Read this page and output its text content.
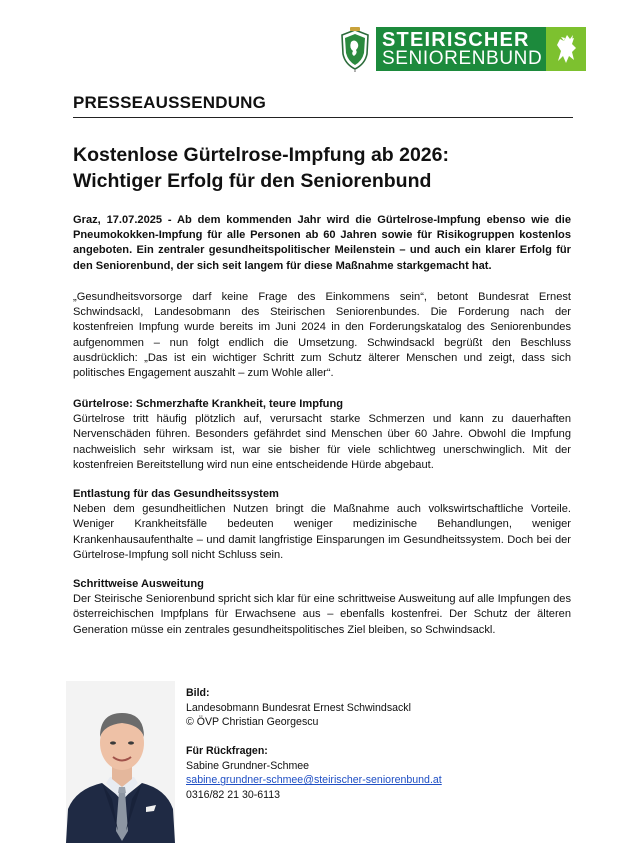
STEIRISCHER
SENIORENBUND
PRESSEAUSSENDUNG
Kostenlose Gürtelrose-Impfung ab 2026:
Wichtiger Erfolg für den Seniorenbund
Graz, 17.07.2025 - Ab dem kommenden Jahr wird die Gürtelrose-Impfung ebenso wie die Pneumokokken-Impfung für alle Personen ab 60 Jahren sowie für Risikogruppen kostenlos angeboten. Ein zentraler gesundheitspolitischer Meilenstein – und auch ein klarer Erfolg für den Seniorenbund, der sich seit langem für diese Maßnahme starkgemacht hat.
„Gesundheitsvorsorge darf keine Frage des Einkommens sein“, betont Bundesrat Ernest Schwindsackl, Landesobmann des Steirischen Seniorenbundes. Die Forderung nach der kostenfreien Impfung wurde bereits im Juni 2024 in den Forderungskatalog des Seniorenbundes aufgenommen – nun folgt endlich die Umsetzung. Schwindsackl begrüßt den Beschluss ausdrücklich: „Das ist ein wichtiger Schritt zum Schutz älterer Menschen und zeigt, dass sich politisches Engagement auszahlt – zum Wohle aller“.
Gürtelrose: Schmerzhafte Krankheit, teure Impfung
Gürtelrose tritt häufig plötzlich auf, verursacht starke Schmerzen und kann zu dauerhaften Nervenschäden führen. Besonders gefährdet sind Menschen über 60 Jahre. Obwohl die Impfung nachweislich sehr wirksam ist, war sie bisher für viele schlichtweg unerschwinglich. Mit der kostenfreien Bereitstellung wird nun eine entscheidende Hürde abgebaut.
Entlastung für das Gesundheitssystem
Neben dem gesundheitlichen Nutzen bringt die Maßnahme auch volkswirtschaftliche Vorteile. Weniger Krankheitsfälle bedeuten weniger medizinische Behandlungen, weniger Krankenhausaufenthalte – und damit langfristige Einsparungen im Gesundheitssystem. Doch bei der Gürtelrose-Impfung soll nicht Schluss sein.
Schrittweise Ausweitung
Der Steirische Seniorenbund spricht sich klar für eine schrittweise Ausweitung auf alle Impfungen des österreichischen Impfplans für Erwachsene aus – ebenfalls kostenfrei. Der Schutz der älteren Generation müsse ein zentrales gesundheitspolitisches Ziel bleiben, so Schwindsackl.
Bild:
Landesobmann Bundesrat Ernest Schwindsackl
© ÖVP Christian Georgescu
Für Rückfragen:
Sabine Grundner-Schmee
sabine.grundner-schmee@steirischer-seniorenbund.at
0316/82 21 30-6113
